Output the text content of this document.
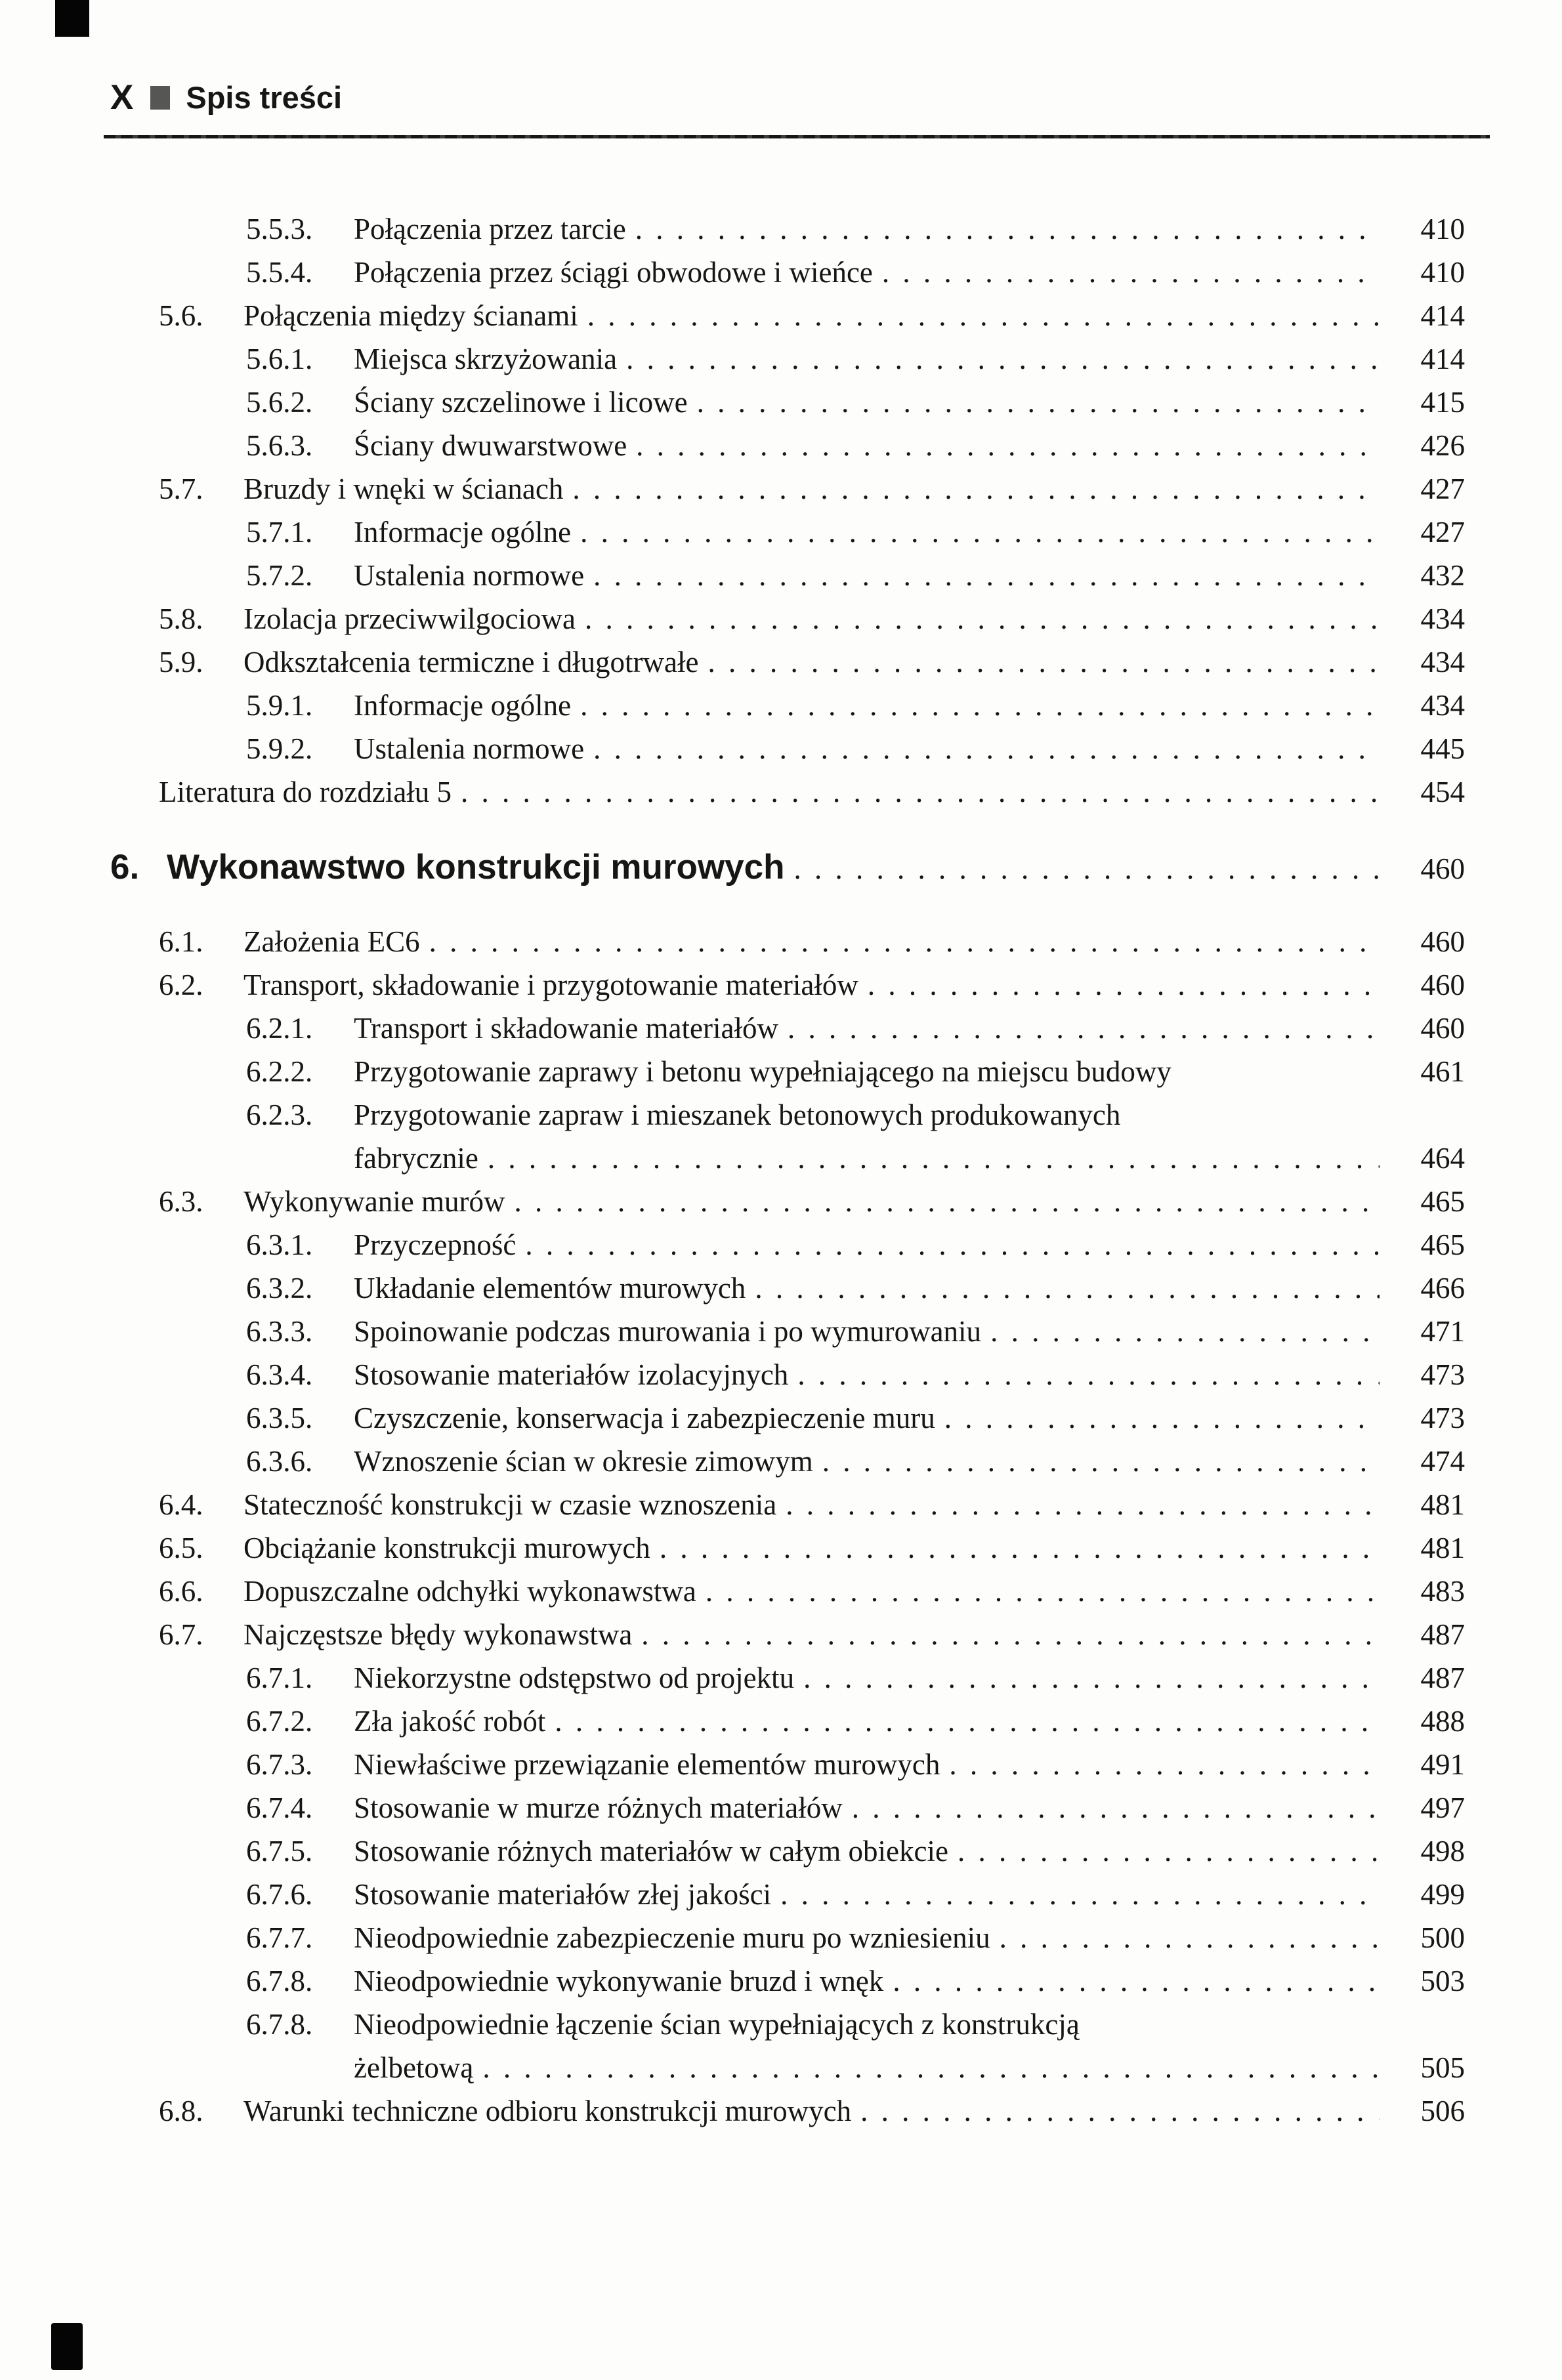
X Spis treści
5.5.3.	Połączenia przez tarcie . . .	410
5.5.4.	Połączenia przez ściągi obwodowe i wieńce . . .	410
5.6.	Połączenia między ścianami . . .	414
5.6.1.	Miejsca skrzyżowania . . .	414
5.6.2.	Ściany szczelinowe i licowe . . .	415
5.6.3.	Ściany dwuwarstwowe . . .	426
5.7.	Bruzdy i wnęki w ścianach . . .	427
5.7.1.	Informacje ogólne . . .	427
5.7.2.	Ustalenia normowe . . .	432
5.8.	Izolacja przeciwwilgociowa . . .	434
5.9.	Odkształcenia termiczne i długotrwałe . . .	434
5.9.1.	Informacje ogólne . . .	434
5.9.2.	Ustalenia normowe . . .	445
Literatura do rozdziału 5 . . .	454
6. Wykonawstwo konstrukcji murowych . . .	460
6.1.	Założenia EC6 . . .	460
6.2.	Transport, składowanie i przygotowanie materiałów . . .	460
6.2.1.	Transport i składowanie materiałów . . .	460
6.2.2.	Przygotowanie zaprawy i betonu wypełniającego na miejscu budowy	461
6.2.3.	Przygotowanie zapraw i mieszanek betonowych produkowanych
fabrycznie . . .	464
6.3.	Wykonywanie murów . . .	465
6.3.1.	Przyczepność . . .	465
6.3.2.	Układanie elementów murowych . . .	466
6.3.3.	Spoinowanie podczas murowania i po wymurowaniu . . .	471
6.3.4.	Stosowanie materiałów izolacyjnych . . .	473
6.3.5.	Czyszczenie, konserwacja i zabezpieczenie muru . . .	473
6.3.6.	Wznoszenie ścian w okresie zimowym . . .	474
6.4.	Stateczność konstrukcji w czasie wznoszenia . . .	481
6.5.	Obciążanie konstrukcji murowych . . .	481
6.6.	Dopuszczalne odchyłki wykonawstwa . . .	483
6.7.	Najczęstsze błędy wykonawstwa . . .	487
6.7.1.	Niekorzystne odstępstwo od projektu . . .	487
6.7.2.	Zła jakość robót . . .	488
6.7.3.	Niewłaściwe przewiązanie elementów murowych . . .	491
6.7.4.	Stosowanie w murze różnych materiałów . . .	497
6.7.5.	Stosowanie różnych materiałów w całym obiekcie . . .	498
6.7.6.	Stosowanie materiałów złej jakości . . .	499
6.7.7.	Nieodpowiednie zabezpieczenie muru po wzniesieniu . . .	500
6.7.8.	Nieodpowiednie wykonywanie bruzd i wnęk . . .	503
6.7.8.	Nieodpowiednie łączenie ścian wypełniających z konstrukcją
żelbetową . . .	505
6.8.	Warunki techniczne odbioru konstrukcji murowych . . .	506
